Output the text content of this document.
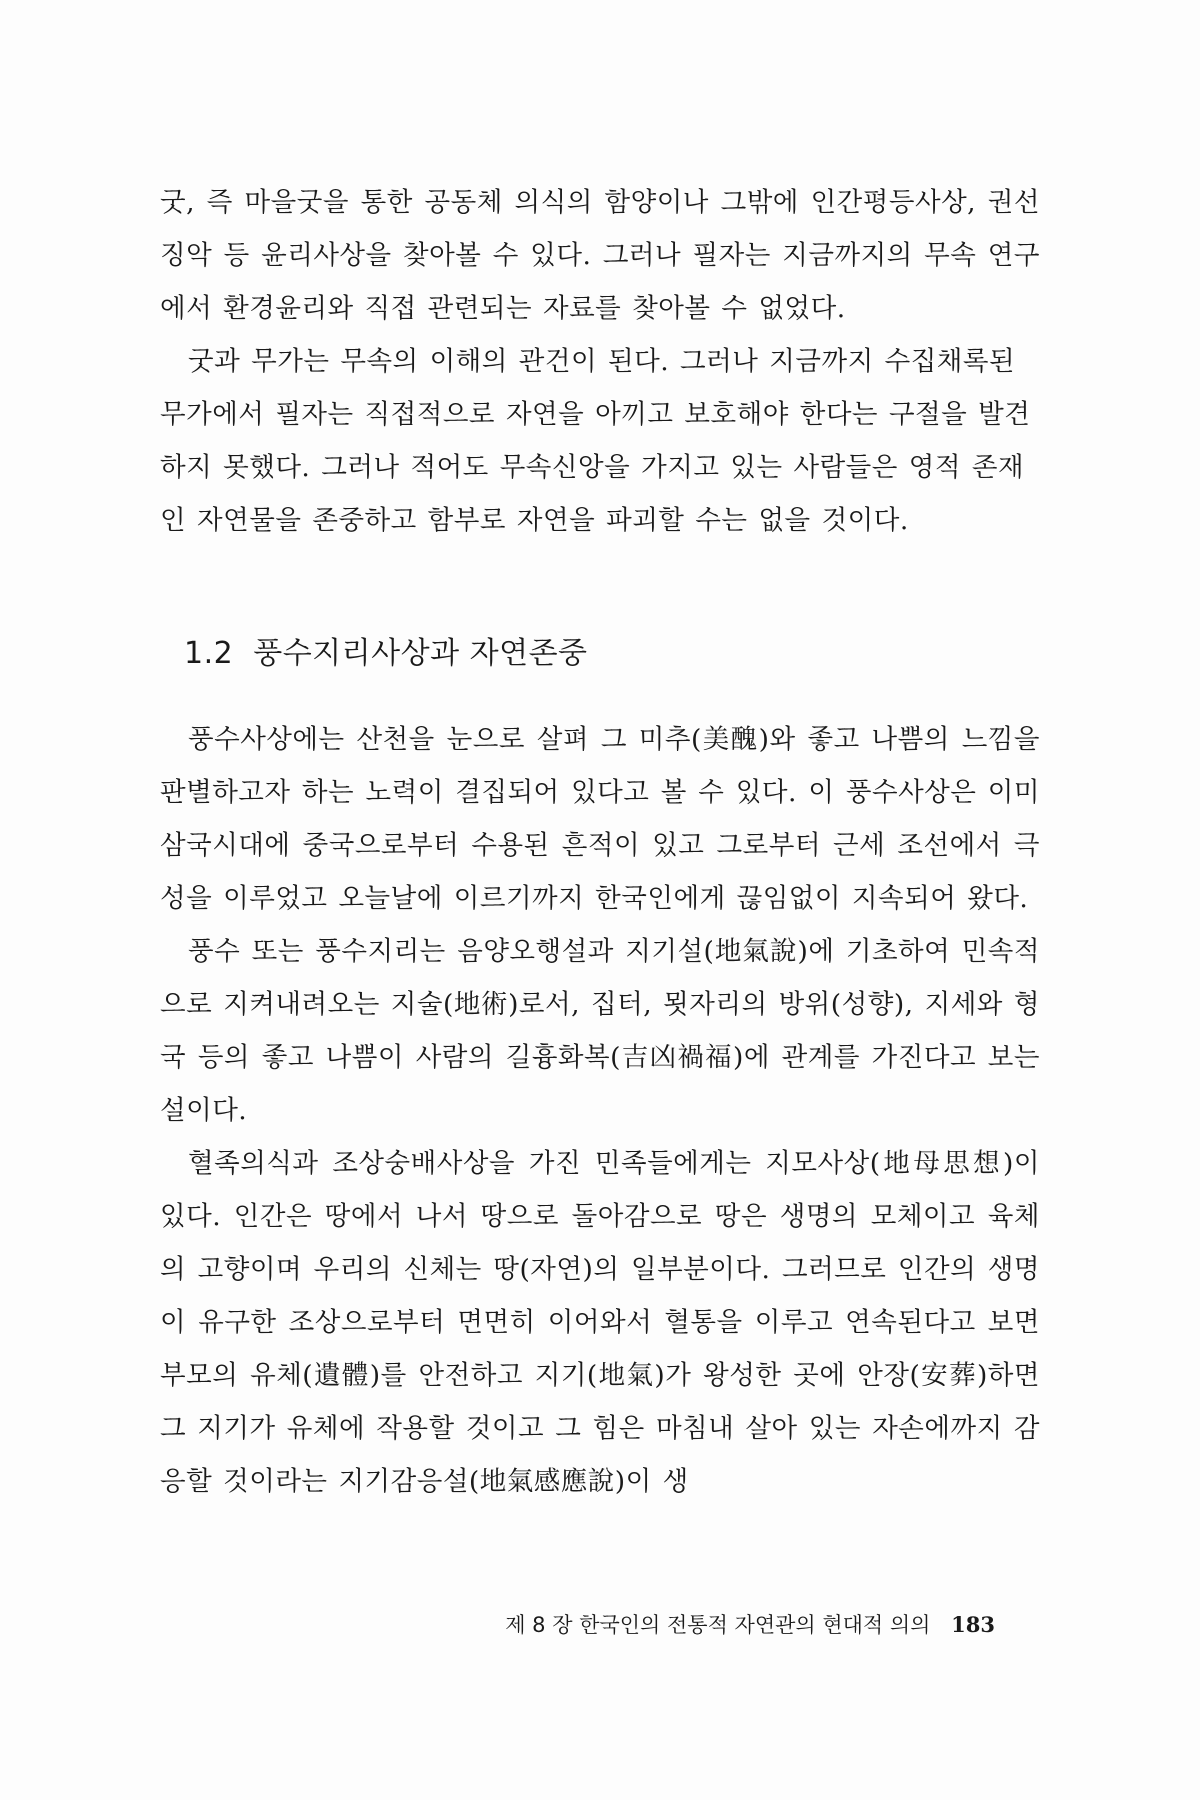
굿, 즉 마을굿을 통한 공동체 의식의 함양이나 그밖에 인간평등사상, 권선징악 등 윤리사상을 찾아볼 수 있다. 그러나 필자는 지금까지의 무속 연구에서 환경윤리와 직접 관련되는 자료를 찾아볼 수 없었다.

굿과 무가는 무속의 이해의 관건이 된다. 그러나 지금까지 수집채록된 무가에서 필자는 직접적으로 자연을 아끼고 보호해야 한다는 구절을 발견하지 못했다. 그러나 적어도 무속신앙을 가지고 있는 사람들은 영적 존재인 자연물을 존중하고 함부로 자연을 파괴할 수는 없을 것이다.

1.2 풍수지리사상과 자연존중

풍수사상에는 산천을 눈으로 살펴 그 미추(美醜)와 좋고 나쁨의 느낌을 판별하고자 하는 노력이 결집되어 있다고 볼 수 있다. 이 풍수사상은 이미 삼국시대에 중국으로부터 수용된 흔적이 있고 그로부터 근세 조선에서 극성을 이루었고 오늘날에 이르기까지 한국인에게 끊임없이 지속되어 왔다.

풍수 또는 풍수지리는 음양오행설과 지기설(地氣說)에 기초하여 민속적으로 지켜내려오는 지술(地術)로서, 집터, 묏자리의 방위(성향), 지세와 형국 등의 좋고 나쁨이 사람의 길흉화복(吉凶禍福)에 관계를 가진다고 보는 설이다.

혈족의식과 조상숭배사상을 가진 민족들에게는 지모사상(地母思想)이 있다. 인간은 땅에서 나서 땅으로 돌아감으로 땅은 생명의 모체이고 육체의 고향이며 우리의 신체는 땅(자연)의 일부분이다. 그러므로 인간의 생명이 유구한 조상으로부터 면면히 이어와서 혈통을 이루고 연속된다고 보면 부모의 유체(遺體)를 안전하고 지기(地氣)가 왕성한 곳에 안장(安葬)하면 그 지기가 유체에 작용할 것이고 그 힘은 마침내 살아 있는 자손에까지 감응할 것이라는 지기감응설(地氣感應說)이 생

제 8 장 한국인의 전통적 자연관의 현대적 의의 183
